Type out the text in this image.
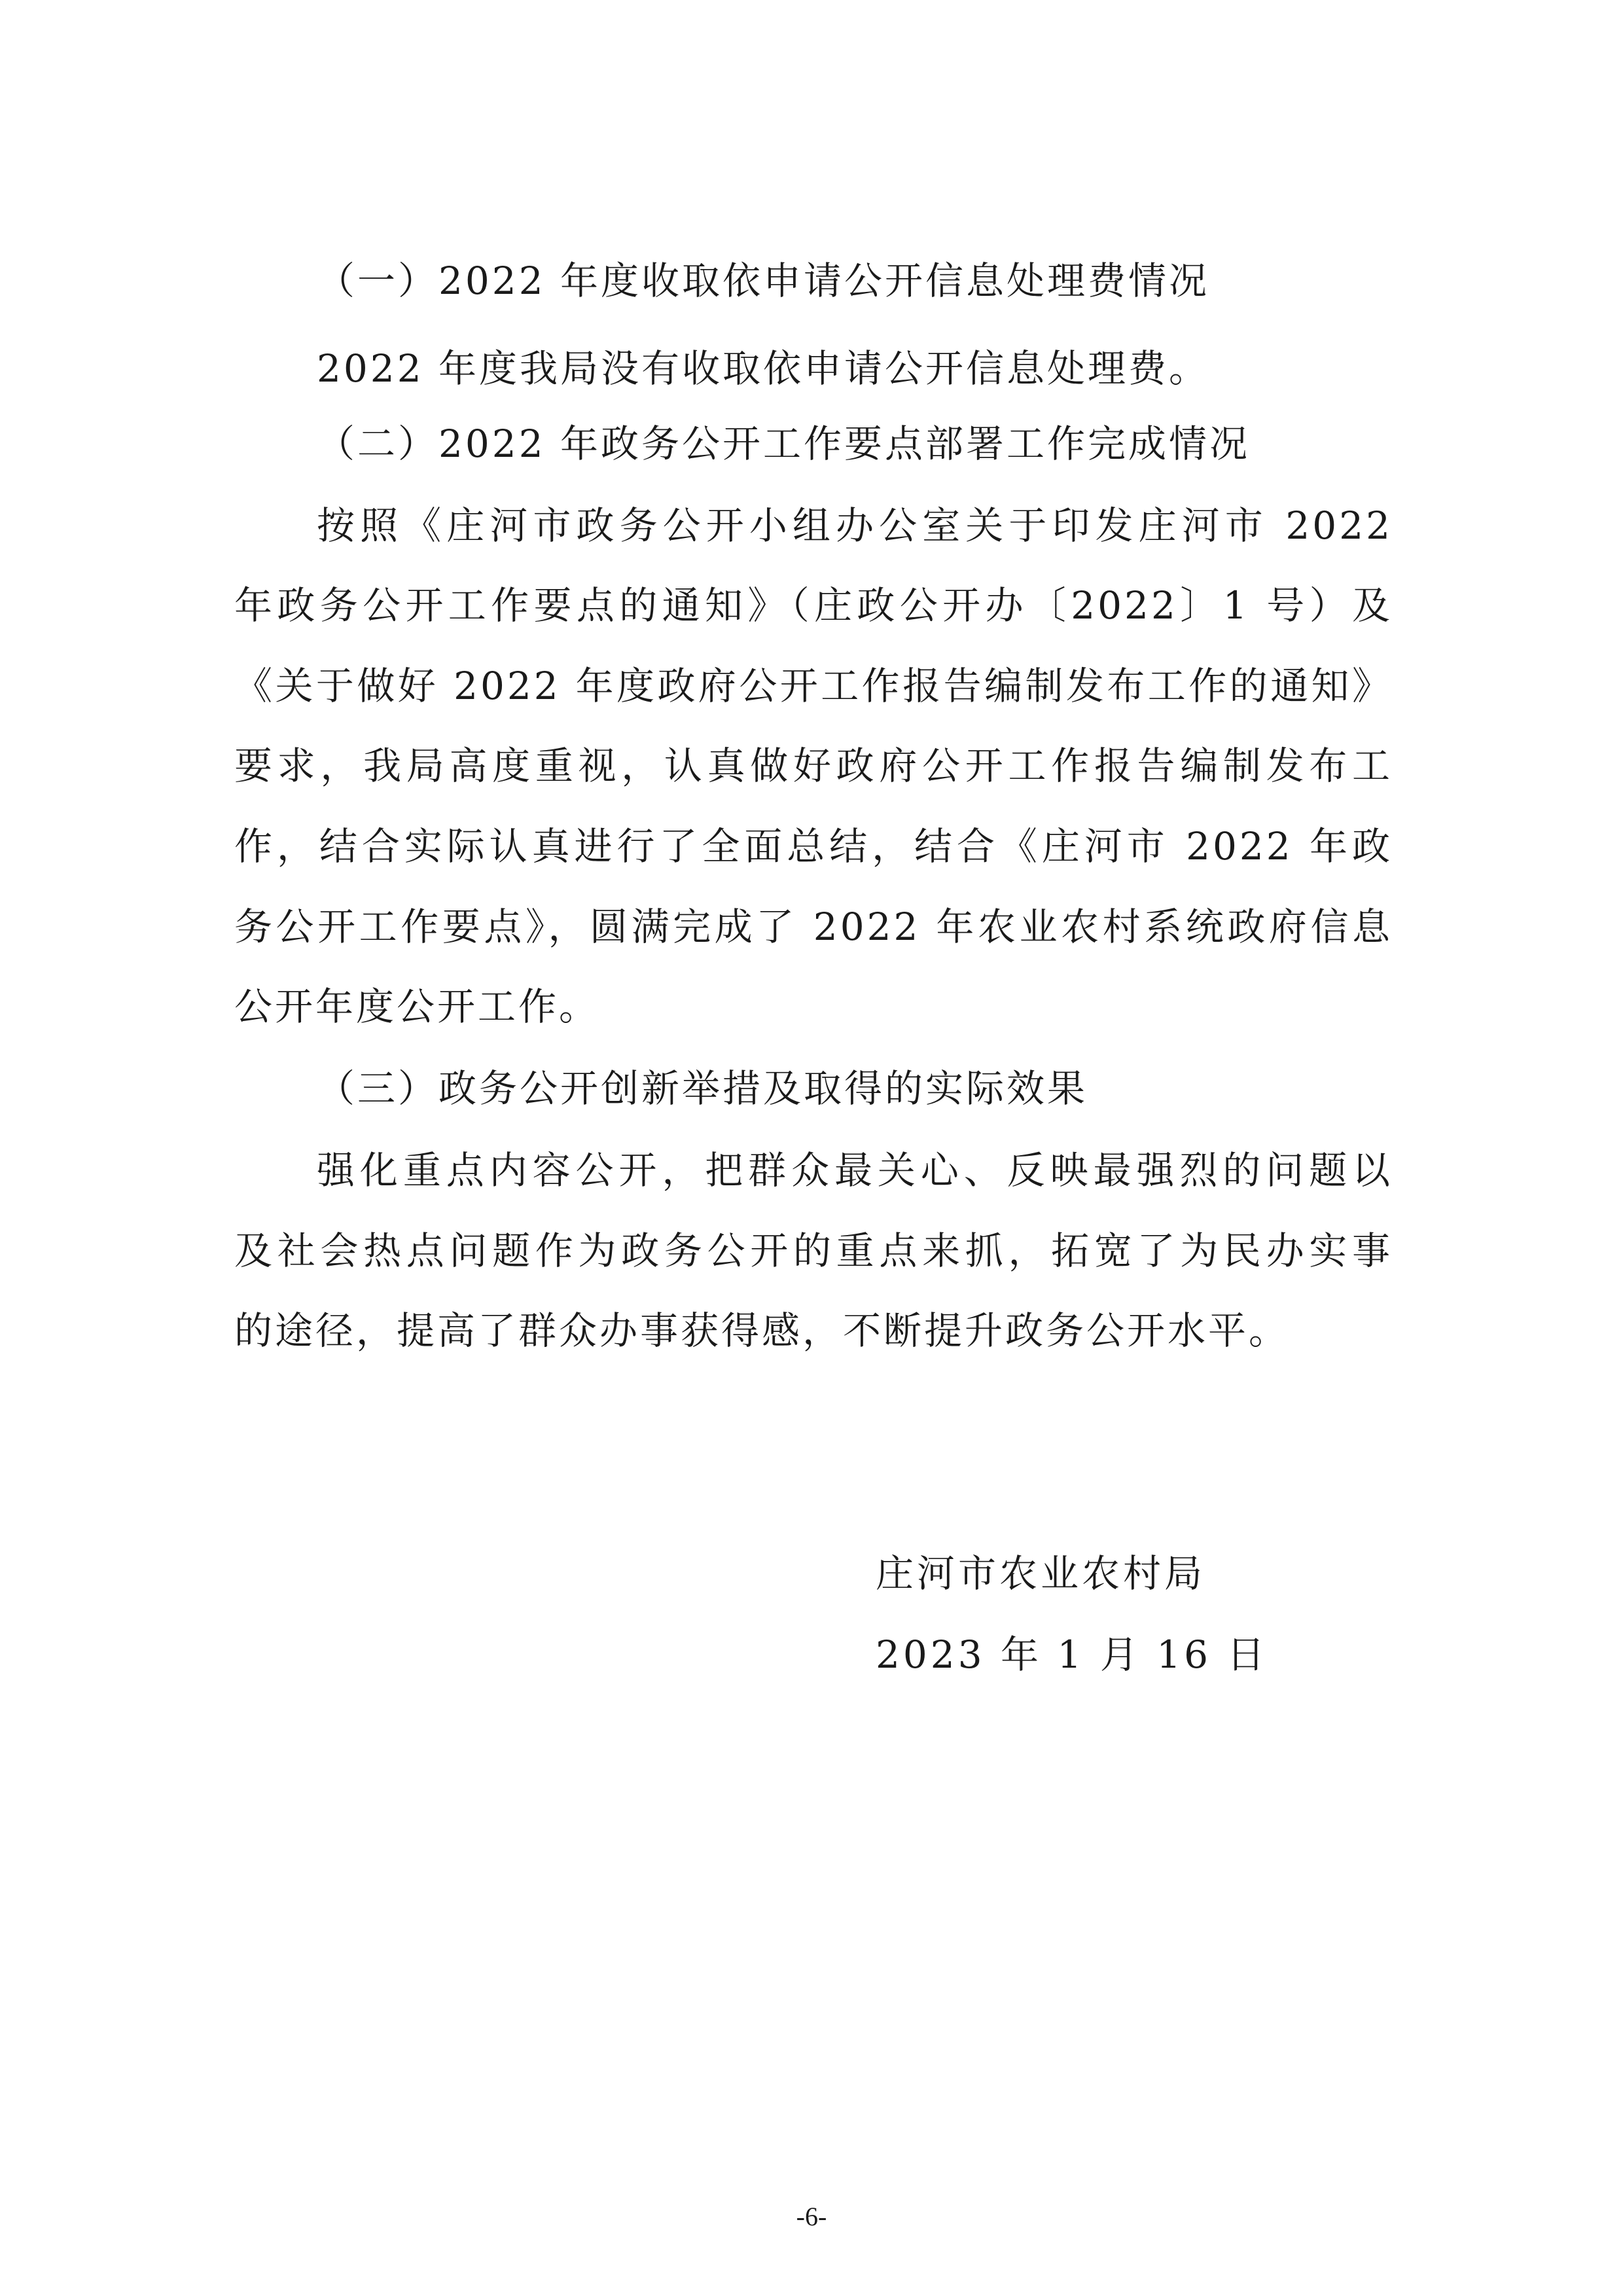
（一）2022 年度收取依申请公开信息处理费情况
2022 年度我局没有收取依申请公开信息处理费。
（二）2022 年政务公开工作要点部署工作完成情况
按照《庄河市政务公开小组办公室关于印发庄河市 2022
年政务公开工作要点的通知》（庄政公开办〔2022〕1 号）及
《关于做好 2022 年度政府公开工作报告编制发布工作的通知》
要求，我局高度重视，认真做好政府公开工作报告编制发布工
作，结合实际认真进行了全面总结，结合《庄河市 2022 年政
务公开工作要点》，圆满完成了 2022 年农业农村系统政府信息
公开年度公开工作。
（三）政务公开创新举措及取得的实际效果
强化重点内容公开，把群众最关心、反映最强烈的问题以
及社会热点问题作为政务公开的重点来抓，拓宽了为民办实事
的途径，提高了群众办事获得感，不断提升政务公开水平。
庄河市农业农村局
2023 年 1 月 16 日
-6-
